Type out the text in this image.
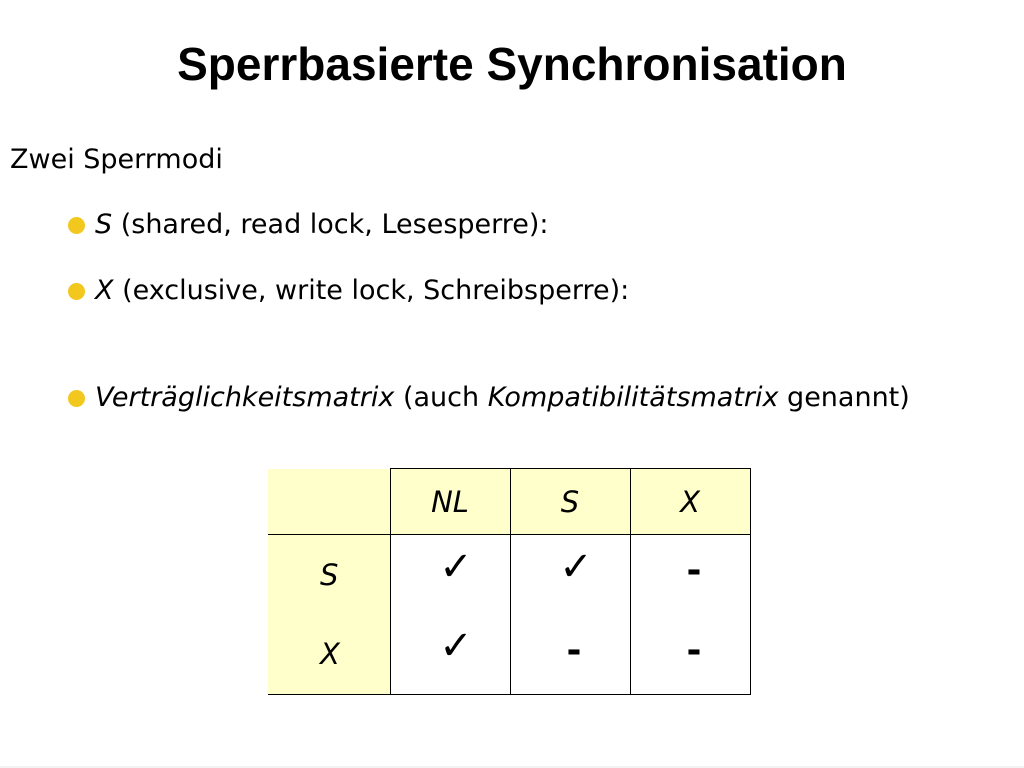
Sperrbasierte Synchronisation
Zwei Sperrmodi
S (shared, read lock, Lesesperre):
X (exclusive, write lock, Schreibsperre):
Verträglichkeitsmatrix (auch Kompatibilitätsmatrix genannt)
	NL	S	X
S	✓	✓	-
X	✓	-	-
